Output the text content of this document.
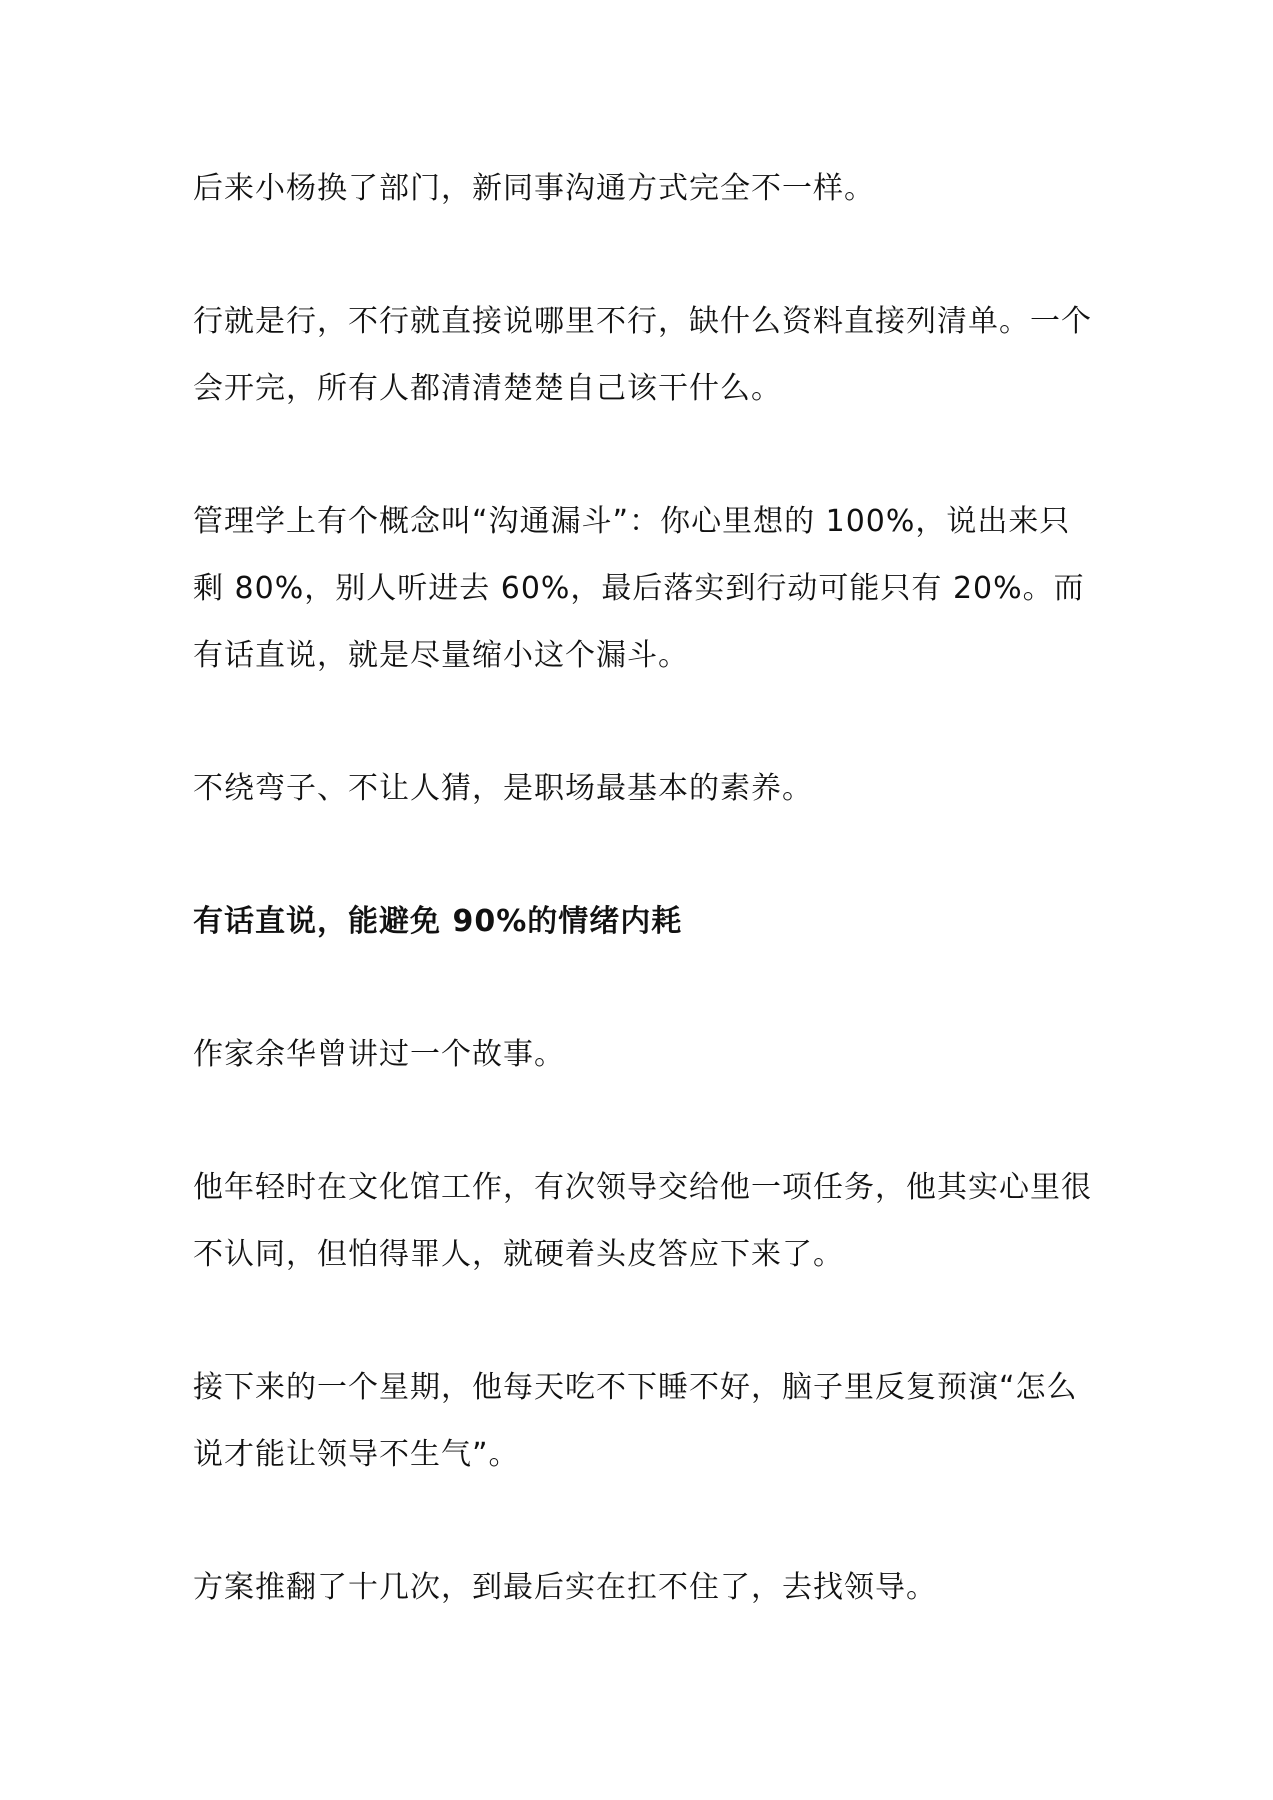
后来小杨换了部门，新同事沟通方式完全不一样。

行就是行，不行就直接说哪里不行，缺什么资料直接列清单。一个会开完，所有人都清清楚楚自己该干什么。

管理学上有个概念叫“沟通漏斗”：你心里想的 100%，说出来只剩 80%，别人听进去 60%，最后落实到行动可能只有 20%。而有话直说，就是尽量缩小这个漏斗。

不绕弯子、不让人猜，是职场最基本的素养。

有话直说，能避免 90%的情绪内耗

作家余华曾讲过一个故事。

他年轻时在文化馆工作，有次领导交给他一项任务，他其实心里很不认同，但怕得罪人，就硬着头皮答应下来了。

接下来的一个星期，他每天吃不下睡不好，脑子里反复预演“怎么说才能让领导不生气”。

方案推翻了十几次，到最后实在扛不住了，去找领导。
